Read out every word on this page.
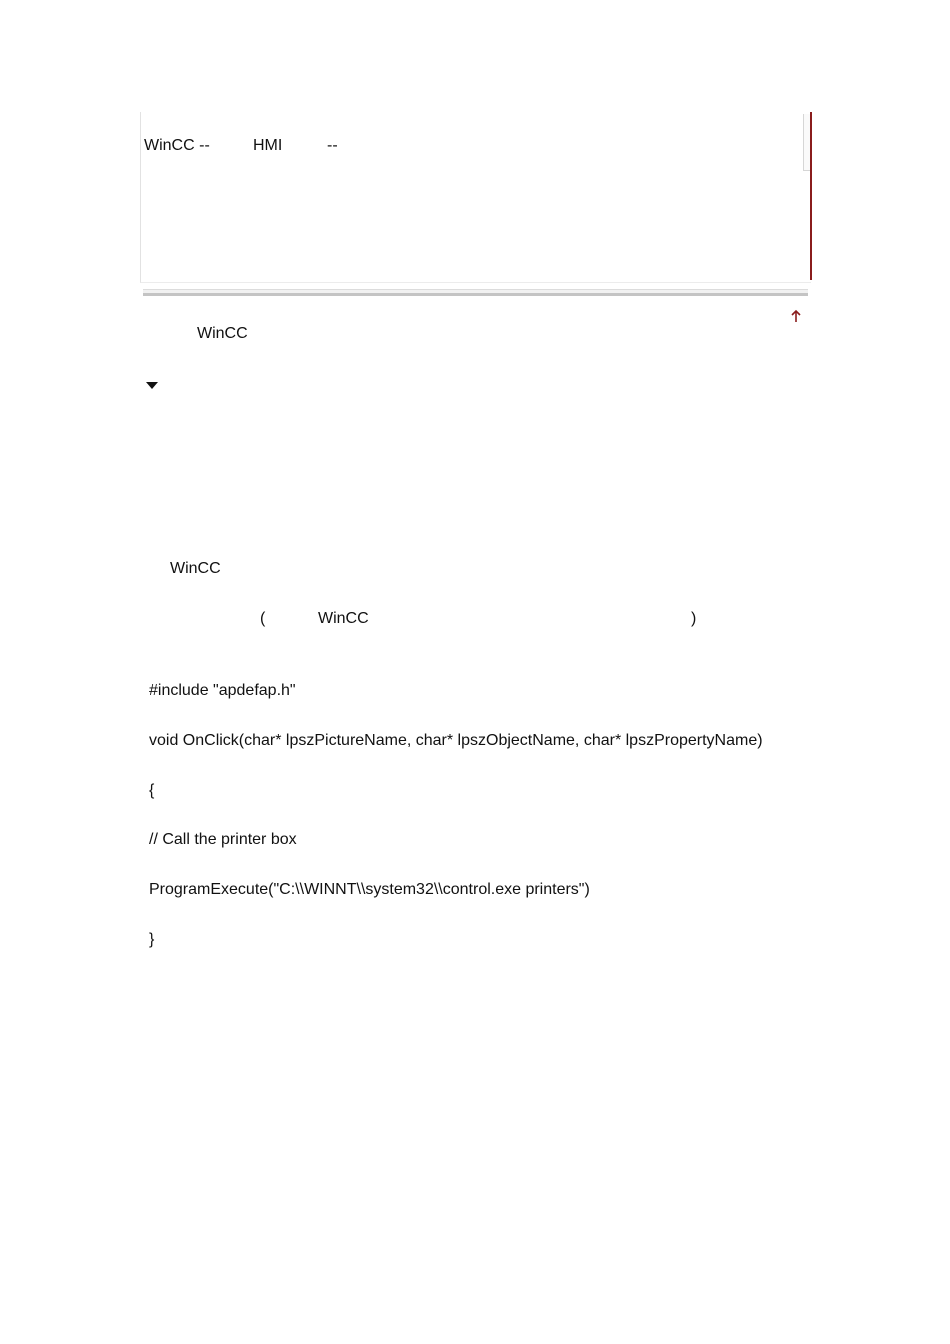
WinCC --	HMI	--
WinCC
WinCC
(	WinCC	)
#include "apdefap.h"
void OnClick(char* lpszPictureName, char* lpszObjectName, char* lpszPropertyName)
{
// Call the printer box
ProgramExecute("C:\\WINNT\\system32\\control.exe printers")
}
